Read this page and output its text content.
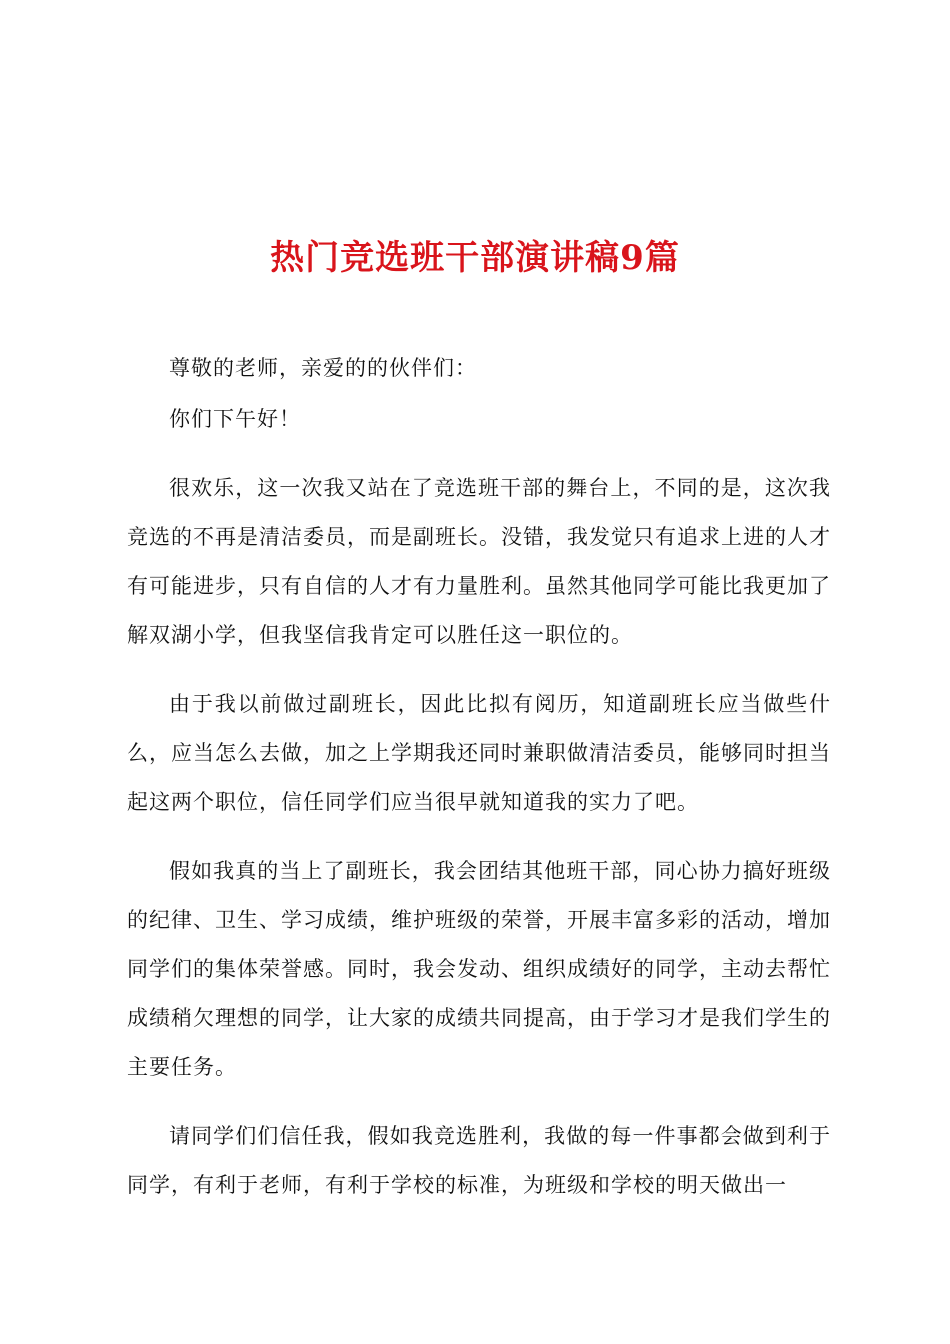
热门竞选班干部演讲稿9篇

尊敬的老师，亲爱的的伙伴们：

你们下午好！

很欢乐，这一次我又站在了竞选班干部的舞台上，不同的是，这次我竞选的不再是清洁委员，而是副班长。没错，我发觉只有追求上进的人才有可能进步，只有自信的人才有力量胜利。虽然其他同学可能比我更加了解双湖小学，但我坚信我肯定可以胜任这一职位的。

由于我以前做过副班长，因此比拟有阅历，知道副班长应当做些什么，应当怎么去做，加之上学期我还同时兼职做清洁委员，能够同时担当起这两个职位，信任同学们应当很早就知道我的实力了吧。

假如我真的当上了副班长，我会团结其他班干部，同心协力搞好班级的纪律、卫生、学习成绩，维护班级的荣誉，开展丰富多彩的活动，增加同学们的集体荣誉感。同时，我会发动、组织成绩好的同学，主动去帮忙成绩稍欠理想的同学，让大家的成绩共同提高，由于学习才是我们学生的主要任务。

请同学们们信任我，假如我竞选胜利，我做的每一件事都会做到利于同学，有利于老师，有利于学校的标准，为班级和学校的明天做出一
